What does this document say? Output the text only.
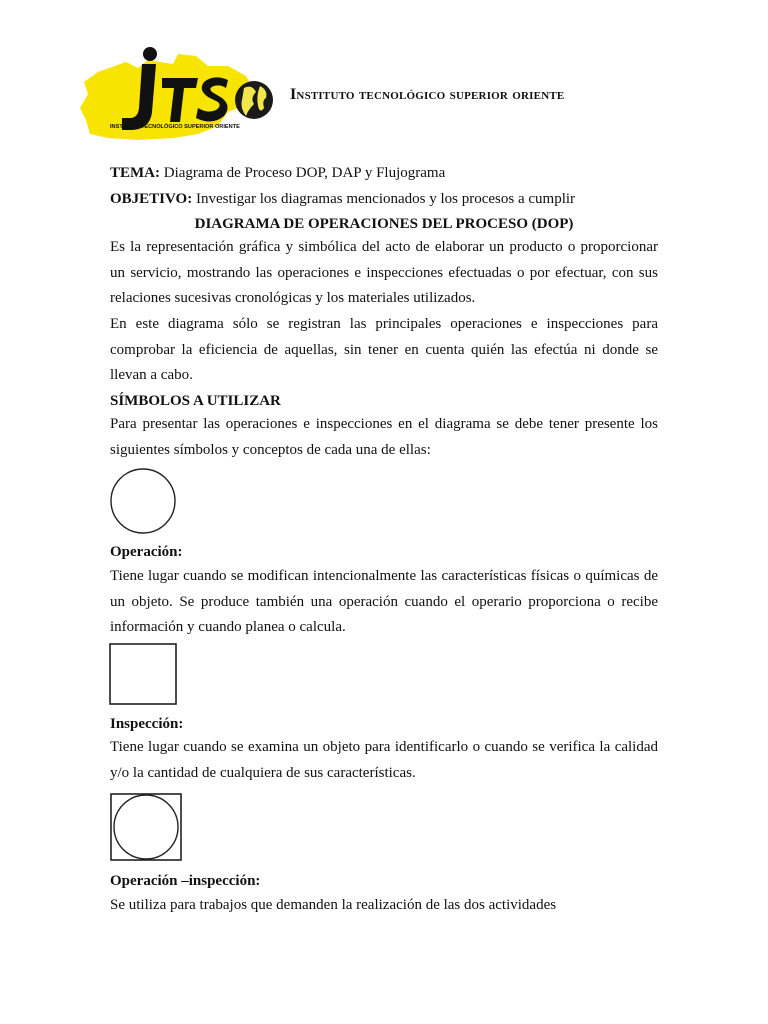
INSTITUTO TECNOLÓGICO SUPERIOR ORIENTE
Instituto tecnológico superior oriente
TEMA: Diagrama de Proceso DOP, DAP y Flujograma
OBJETIVO: Investigar los diagramas mencionados y los procesos a cumplir
DIAGRAMA DE OPERACIONES DEL PROCESO (DOP)
Es la representación gráfica y simbólica del acto de elaborar un producto o proporcionar un servicio, mostrando las operaciones e inspecciones efectuadas o por efectuar, con sus relaciones sucesivas cronológicas y los materiales utilizados.
En este diagrama sólo se registran las principales operaciones e inspecciones para comprobar la eficiencia de aquellas, sin tener en cuenta quién las efectúa ni donde se llevan a cabo.
SÍMBOLOS A UTILIZAR
Para presentar las operaciones e inspecciones en el diagrama se debe tener presente los siguientes símbolos y conceptos de cada una de ellas:
Operación:
Tiene lugar cuando se modifican intencionalmente las características físicas o químicas de un objeto. Se produce también una operación cuando el operario proporciona o recibe información y cuando planea o calcula.
Inspección:
Tiene lugar cuando se examina un objeto para identificarlo o cuando se verifica la calidad y/o la cantidad de cualquiera de sus características.
Operación –inspección:
Se utiliza para trabajos que demanden la realización de las dos actividades
